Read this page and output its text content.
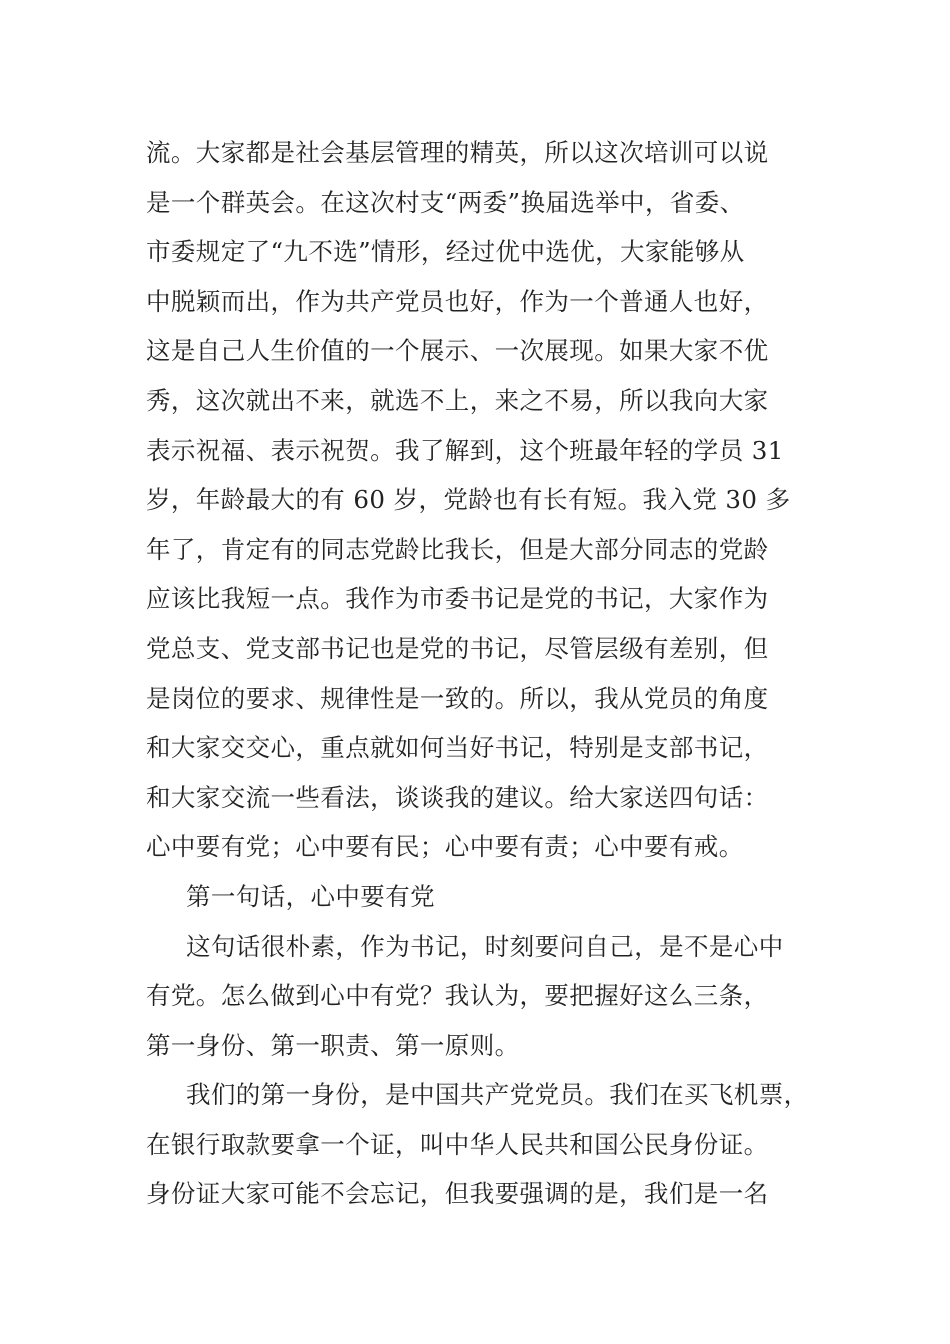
流。大家都是社会基层管理的精英，所以这次培训可以说
是一个群英会。在这次村支“两委”换届选举中，省委、
市委规定了“九不选”情形，经过优中选优，大家能够从
中脱颖而出，作为共产党员也好，作为一个普通人也好，
这是自己人生价值的一个展示、一次展现。如果大家不优
秀，这次就出不来，就选不上，来之不易，所以我向大家
表示祝福、表示祝贺。我了解到，这个班最年轻的学员 31
岁，年龄最大的有 60 岁，党龄也有长有短。我入党 30 多
年了，肯定有的同志党龄比我长，但是大部分同志的党龄
应该比我短一点。我作为市委书记是党的书记，大家作为
党总支、党支部书记也是党的书记，尽管层级有差别，但
是岗位的要求、规律性是一致的。所以，我从党员的角度
和大家交交心，重点就如何当好书记，特别是支部书记，
和大家交流一些看法，谈谈我的建议。给大家送四句话：
心中要有党；心中要有民；心中要有责；心中要有戒。
第一句话，心中要有党
这句话很朴素，作为书记，时刻要问自己，是不是心中
有党。怎么做到心中有党？我认为，要把握好这么三条，
第一身份、第一职责、第一原则。
我们的第一身份，是中国共产党党员。我们在买飞机票，
在银行取款要拿一个证，叫中华人民共和国公民身份证。
身份证大家可能不会忘记，但我要强调的是，我们是一名
